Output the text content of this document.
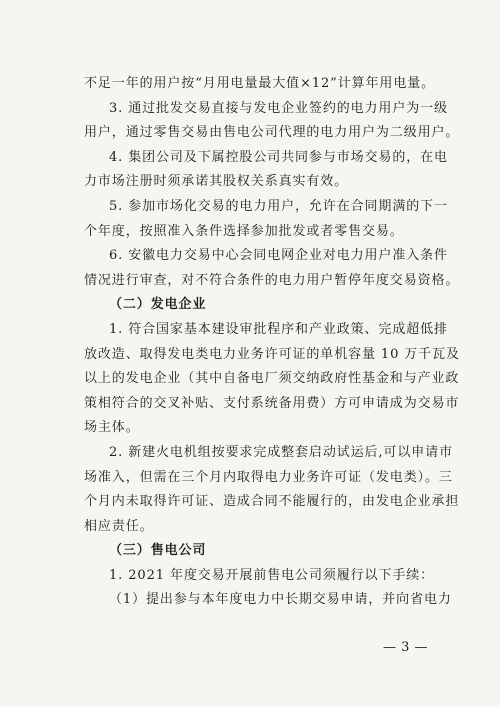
不足一年的用户按“月用电量最大值×12”计算年用电量。
3. 通过批发交易直接与发电企业签约的电力用户为一级
用户，通过零售交易由售电公司代理的电力用户为二级用户。
4. 集团公司及下属控股公司共同参与市场交易的，在电
力市场注册时须承诺其股权关系真实有效。
5. 参加市场化交易的电力用户，允许在合同期满的下一
个年度，按照准入条件选择参加批发或者零售交易。
6. 安徽电力交易中心会同电网企业对电力用户准入条件
情况进行审查，对不符合条件的电力用户暂停年度交易资格。
（二）发电企业
1. 符合国家基本建设审批程序和产业政策、完成超低排
放改造、取得发电类电力业务许可证的单机容量 10 万千瓦及
以上的发电企业（其中自备电厂须交纳政府性基金和与产业政
策相符合的交叉补贴、支付系统备用费）方可申请成为交易市
场主体。
2. 新建火电机组按要求完成整套启动试运后,可以申请市
场准入，但需在三个月内取得电力业务许可证（发电类）。三
个月内未取得许可证、造成合同不能履行的，由发电企业承担
相应责任。
（三）售电公司
1. 2021 年度交易开展前售电公司须履行以下手续：
（1）提出参与本年度电力中长期交易申请，并向省电力
— 3 —
